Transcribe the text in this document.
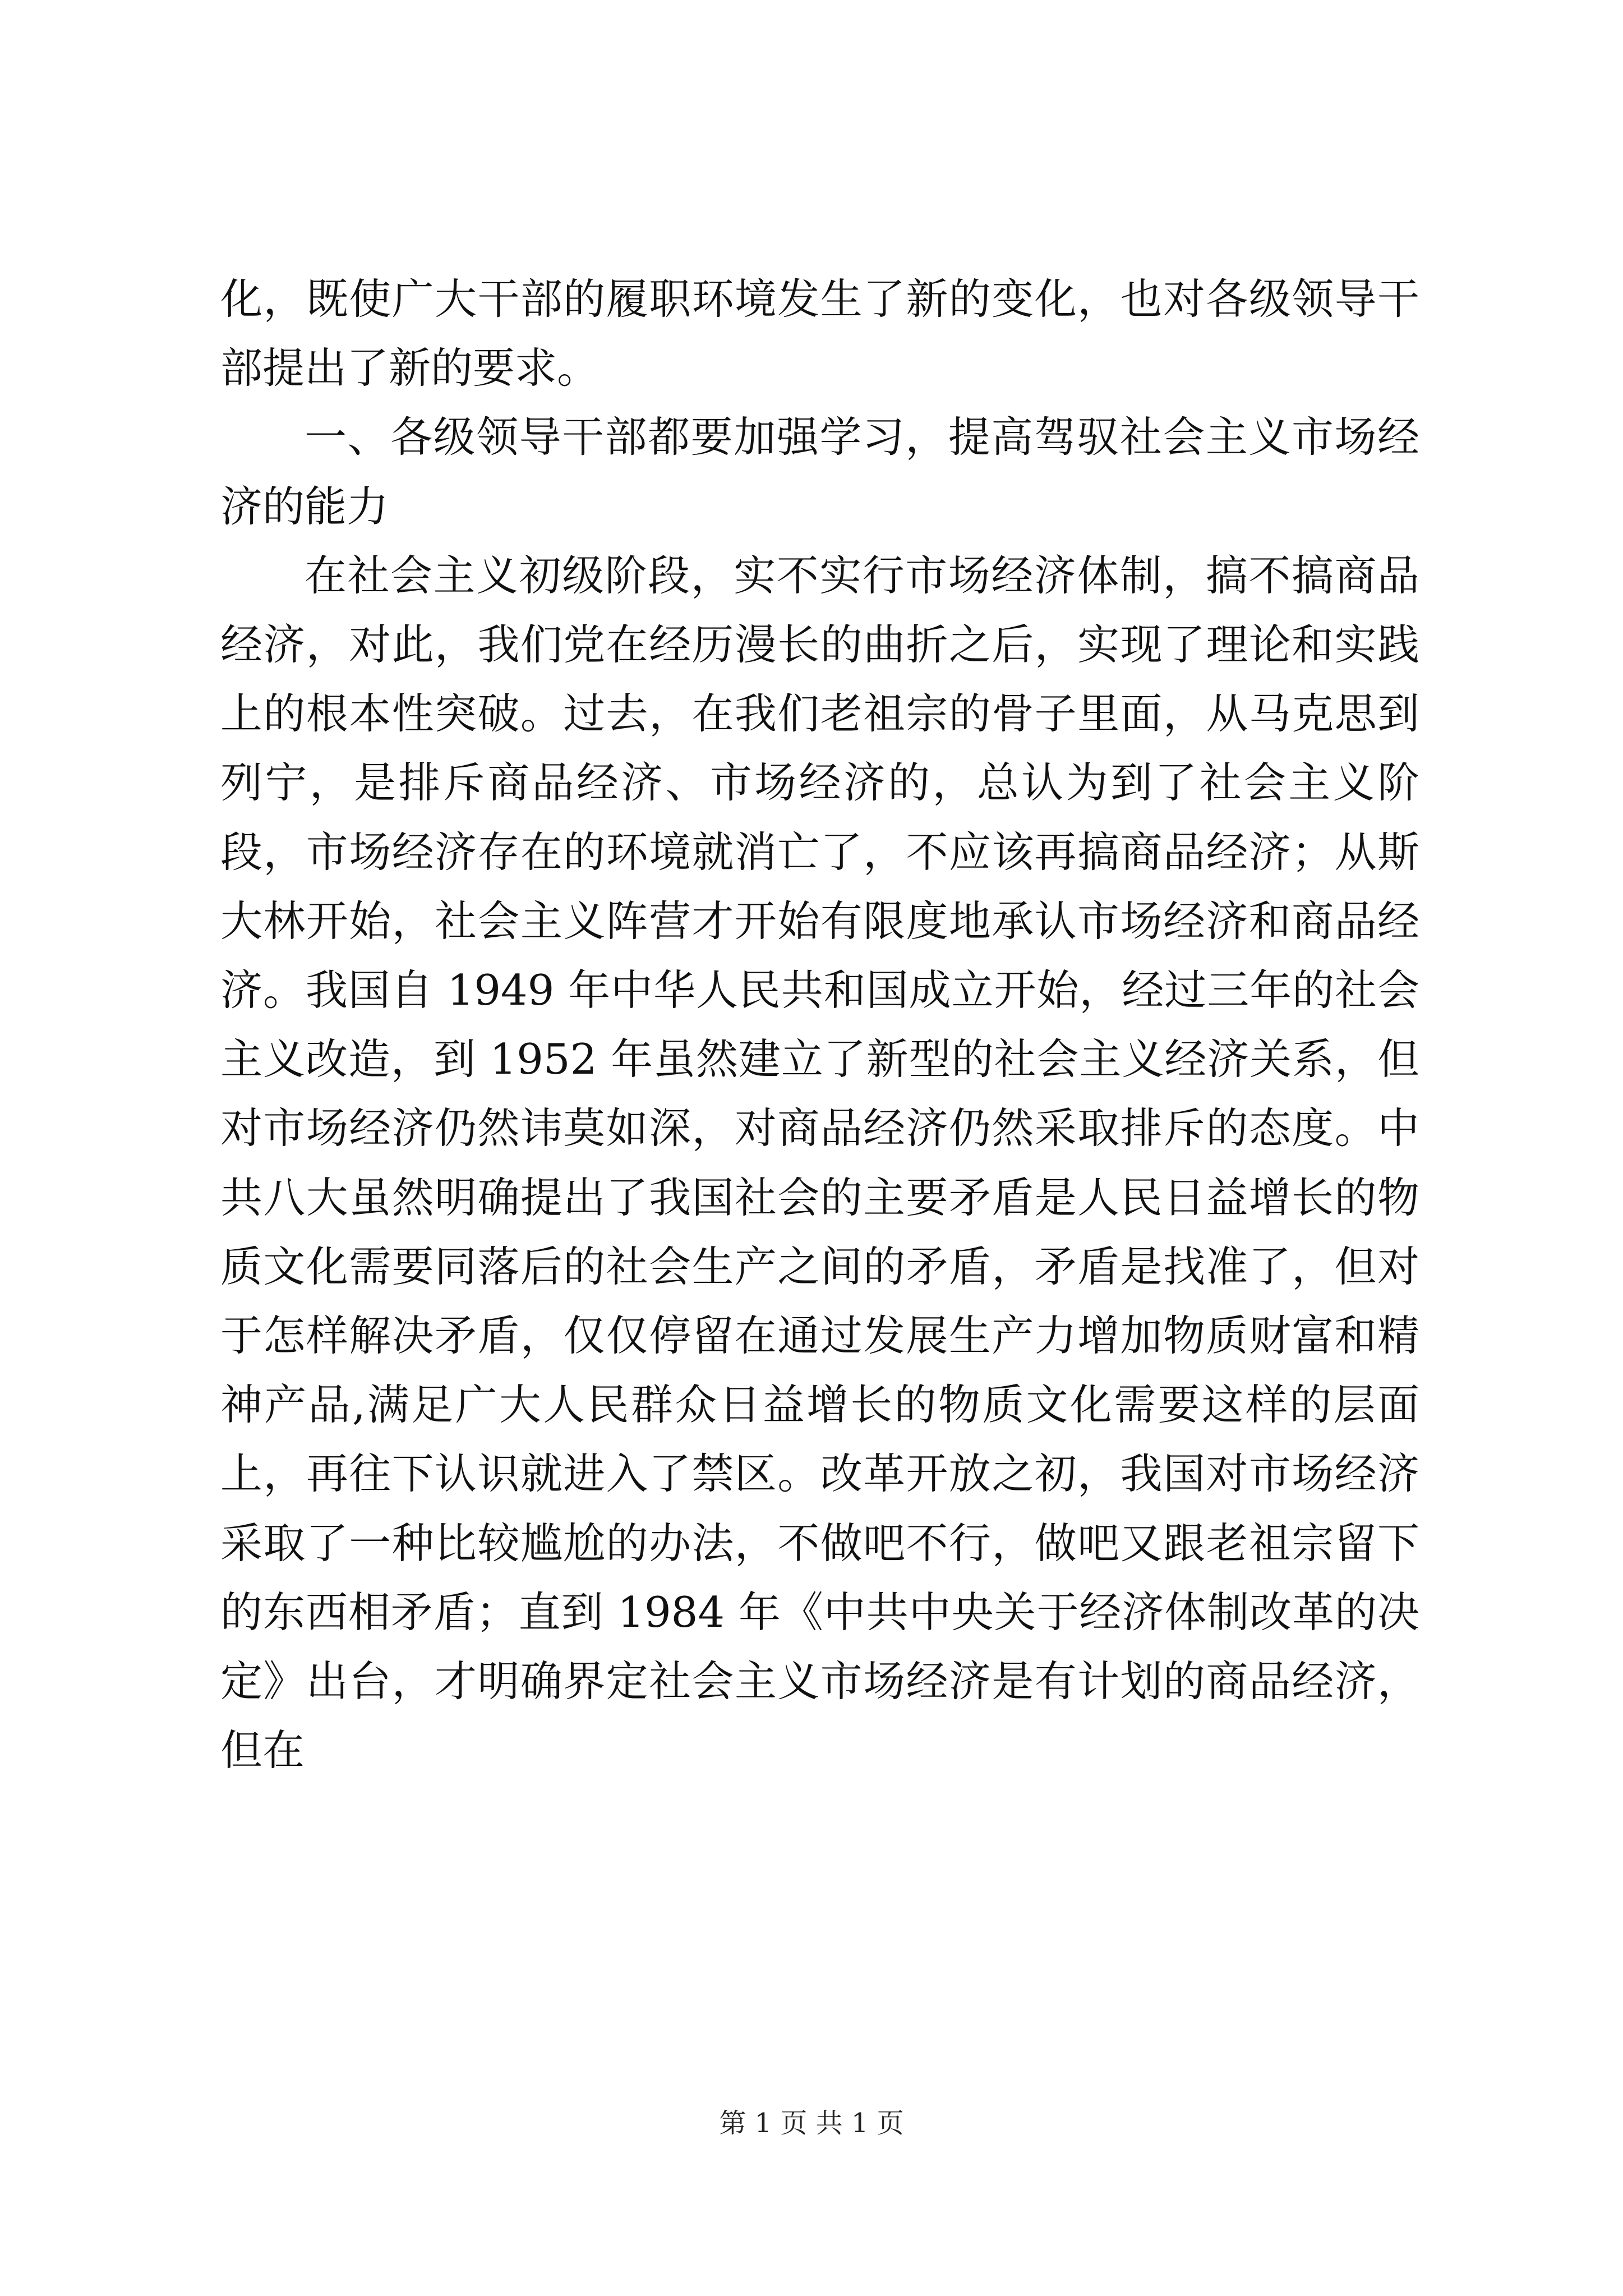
化，既使广大干部的履职环境发生了新的变化，也对各级领导干部提出了新的要求。

一、各级领导干部都要加强学习，提高驾驭社会主义市场经济的能力

在社会主义初级阶段，实不实行市场经济体制，搞不搞商品经济，对此，我们党在经历漫长的曲折之后，实现了理论和实践上的根本性突破。过去，在我们老祖宗的骨子里面，从马克思到列宁，是排斥商品经济、市场经济的，总认为到了社会主义阶段，市场经济存在的环境就消亡了，不应该再搞商品经济；从斯大林开始，社会主义阵营才开始有限度地承认市场经济和商品经济。我国自 1949 年中华人民共和国成立开始，经过三年的社会主义改造，到 1952 年虽然建立了新型的社会主义经济关系，但对市场经济仍然讳莫如深，对商品经济仍然采取排斥的态度。中共八大虽然明确提出了我国社会的主要矛盾是人民日益增长的物质文化需要同落后的社会生产之间的矛盾，矛盾是找准了，但对于怎样解决矛盾，仅仅停留在通过发展生产力增加物质财富和精神产品,满足广大人民群众日益增长的物质文化需要这样的层面上，再往下认识就进入了禁区。改革开放之初，我国对市场经济采取了一种比较尴尬的办法，不做吧不行，做吧又跟老祖宗留下的东西相矛盾；直到 1984 年《中共中央关于经济体制改革的决定》出台，才明确界定社会主义市场经济是有计划的商品经济，但在

第 1 页 共 1 页
